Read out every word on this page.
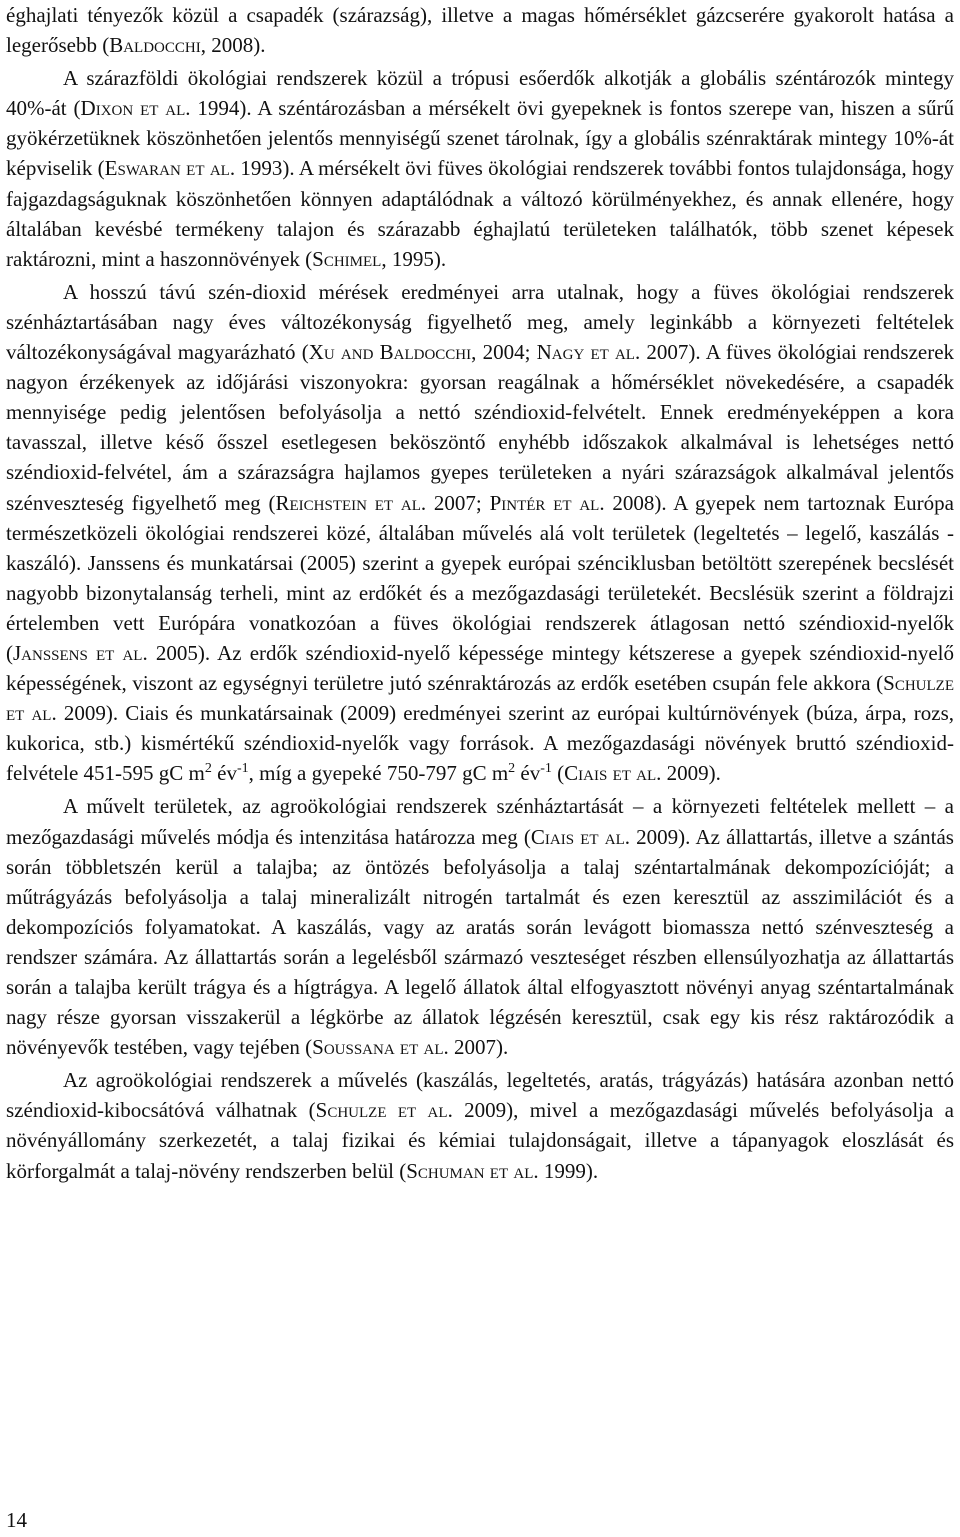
éghajlati tényezők közül a csapadék (szárazság), illetve a magas hőmérséklet gázcserére gyakorolt hatása a legerősebb (Baldocchi, 2008).

A szárazföldi ökológiai rendszerek közül a trópusi esőerdők alkotják a globális széntározók mintegy 40%-át (Dixon et al. 1994). A széntározásban a mérsékelt övi gyepeknek is fontos szerepe van, hiszen a sűrű gyökérzetüknek köszönhetően jelentős mennyiségű szenet tárolnak, így a globális szénraktárak mintegy 10%-át képviselik (Eswaran et al. 1993). A mérsékelt övi füves ökológiai rendszerek további fontos tulajdonsága, hogy fajgazdagságuknak köszönhetően könnyen adaptálódnak a változó körülményekhez, és annak ellenére, hogy általában kevésbé termékeny talajon és szárazabb éghajlatú területeken találhatók, több szenet képesek raktározni, mint a haszonnövények (Schimel, 1995).

A hosszú távú szén-dioxid mérések eredményei arra utalnak, hogy a füves ökológiai rendszerek szénháztartásában nagy éves változékonyság figyelhető meg, amely leginkább a környezeti feltételek változékonyságával magyarázható (Xu and Baldocchi, 2004; Nagy et al. 2007). A füves ökológiai rendszerek nagyon érzékenyek az időjárási viszonyokra: gyorsan reagálnak a hőmérséklet növekedésére, a csapadék mennyisége pedig jelentősen befolyásolja a nettó széndioxid-felvételt. Ennek eredményeképpen a kora tavasszal, illetve késő ősszel esetlegesen beköszöntő enyhébb időszakok alkalmával is lehetséges nettó széndioxid-felvétel, ám a szárazságra hajlamos gyepes területeken a nyári szárazságok alkalmával jelentős szénveszteség figyelhető meg (Reichstein et al. 2007; Pintér et al. 2008). A gyepek nem tartoznak Európa természetközeli ökológiai rendszerei közé, általában művelés alá volt területek (legeltetés – legelő, kaszálás - kaszáló). Janssens és munkatársai (2005) szerint a gyepek európai szénciklusban betöltött szerepének becslését nagyobb bizonytalanság terheli, mint az erdőkét és a mezőgazdasági területekét. Becslésük szerint a földrajzi értelemben vett Európára vonatkozóan a füves ökológiai rendszerek átlagosan nettó széndioxid-nyelők (Janssens et al. 2005). Az erdők széndioxid-nyelő képessége mintegy kétszerese a gyepek széndioxid-nyelő képességének, viszont az egységnyi területre jutó szénraktározás az erdők esetében csupán fele akkora (Schulze et al. 2009). Ciais és munkatársainak (2009) eredményei szerint az európai kultúrnövények (búza, árpa, rozs, kukorica, stb.) kismértékű széndioxid-nyelők vagy források. A mezőgazdasági növények bruttó széndioxid-felvétele 451-595 gC $m^2$ $év^{-1}$, míg a gyepeké 750-797 gC $m^2$ $év^{-1}$ (Ciais et al. 2009).

A művelt területek, az agroökológiai rendszerek szénháztartását – a környezeti feltételek mellett – a mezőgazdasági művelés módja és intenzitása határozza meg (Ciais et al. 2009). Az állattartás, illetve a szántás során többletszén kerül a talajba; az öntözés befolyásolja a talaj széntartalmának dekompozícióját; a műtrágyázás befolyásolja a talaj mineralizált nitrogén tartalmát és ezen keresztül az asszimilációt és a dekompozíciós folyamatokat. A kaszálás, vagy az aratás során levágott biomassza nettó szénveszteség a rendszer számára. Az állattartás során a legelésből származó veszteséget részben ellensúlyozhatja az állattartás során a talajba került trágya és a hígtrágya. A legelő állatok által elfogyasztott növényi anyag széntartalmának nagy része gyorsan visszakerül a légkörbe az állatok légzésén keresztül, csak egy kis rész raktározódik a növényevők testében, vagy tejében (Soussana et al. 2007).

Az agroökológiai rendszerek a művelés (kaszálás, legeltetés, aratás, trágyázás) hatására azonban nettó széndioxid-kibocsátóvá válhatnak (Schulze et al. 2009), mivel a mezőgazdasági művelés befolyásolja a növényállomány szerkezetét, a talaj fizikai és kémiai tulajdonságait, illetve a tápanyagok eloszlását és körforgalmát a talaj-növény rendszerben belül (Schuman et al. 1999).

14
